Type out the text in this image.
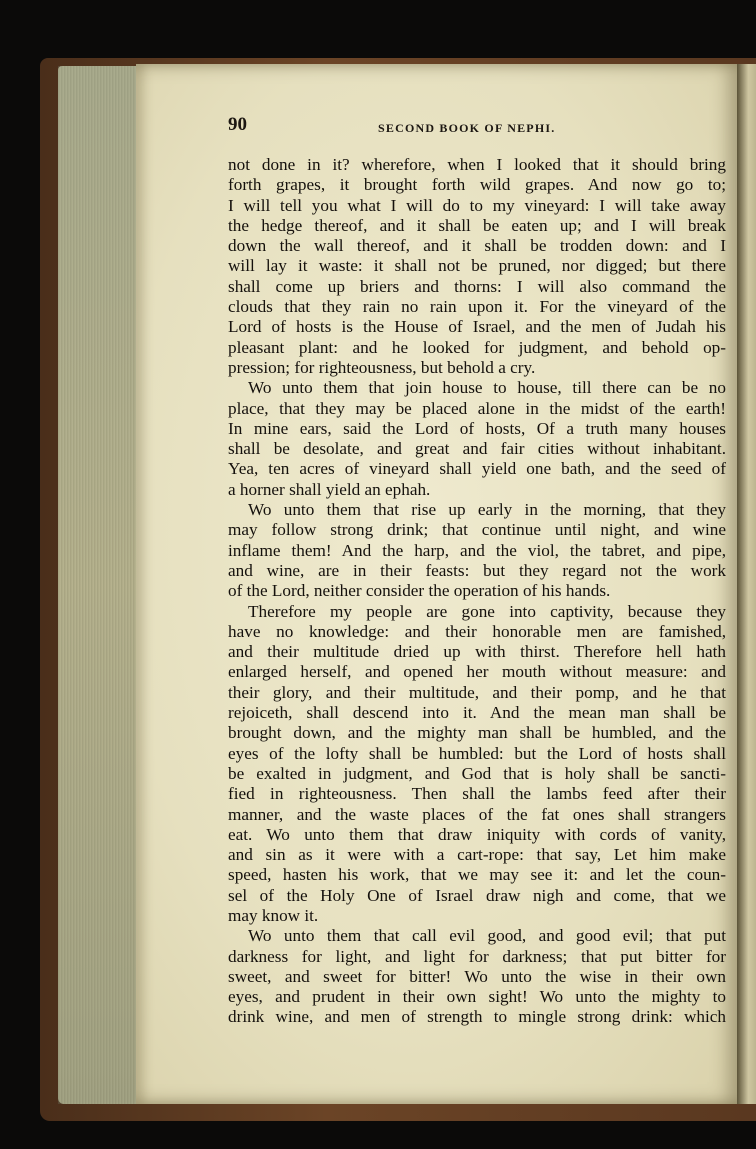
90	SECOND BOOK OF NEPHI.
not done in it? wherefore, when I looked that it should bring
forth grapes, it brought forth wild grapes. And now go to;
I will tell you what I will do to my vineyard: I will take away
the hedge thereof, and it shall be eaten up; and I will break
down the wall thereof, and it shall be trodden down: and I
will lay it waste: it shall not be pruned, nor digged; but there
shall come up briers and thorns: I will also command the
clouds that they rain no rain upon it. For the vineyard of the
Lord of hosts is the House of Israel, and the men of Judah his
pleasant plant: and he looked for judgment, and behold op-
pression; for righteousness, but behold a cry.
Wo unto them that join house to house, till there can be no
place, that they may be placed alone in the midst of the earth!
In mine ears, said the Lord of hosts, Of a truth many houses
shall be desolate, and great and fair cities without inhabitant.
Yea, ten acres of vineyard shall yield one bath, and the seed of
a horner shall yield an ephah.
Wo unto them that rise up early in the morning, that they
may follow strong drink; that continue until night, and wine
inflame them! And the harp, and the viol, the tabret, and pipe,
and wine, are in their feasts: but they regard not the work
of the Lord, neither consider the operation of his hands.
Therefore my people are gone into captivity, because they
have no knowledge: and their honorable men are famished,
and their multitude dried up with thirst. Therefore hell hath
enlarged herself, and opened her mouth without measure: and
their glory, and their multitude, and their pomp, and he that
rejoiceth, shall descend into it. And the mean man shall be
brought down, and the mighty man shall be humbled, and the
eyes of the lofty shall be humbled: but the Lord of hosts shall
be exalted in judgment, and God that is holy shall be sancti-
fied in righteousness. Then shall the lambs feed after their
manner, and the waste places of the fat ones shall strangers
eat. Wo unto them that draw iniquity with cords of vanity,
and sin as it were with a cart-rope: that say, Let him make
speed, hasten his work, that we may see it: and let the coun-
sel of the Holy One of Israel draw nigh and come, that we
may know it.
Wo unto them that call evil good, and good evil; that put
darkness for light, and light for darkness; that put bitter for
sweet, and sweet for bitter! Wo unto the wise in their own
eyes, and prudent in their own sight! Wo unto the mighty to
drink wine, and men of strength to mingle strong drink: which
